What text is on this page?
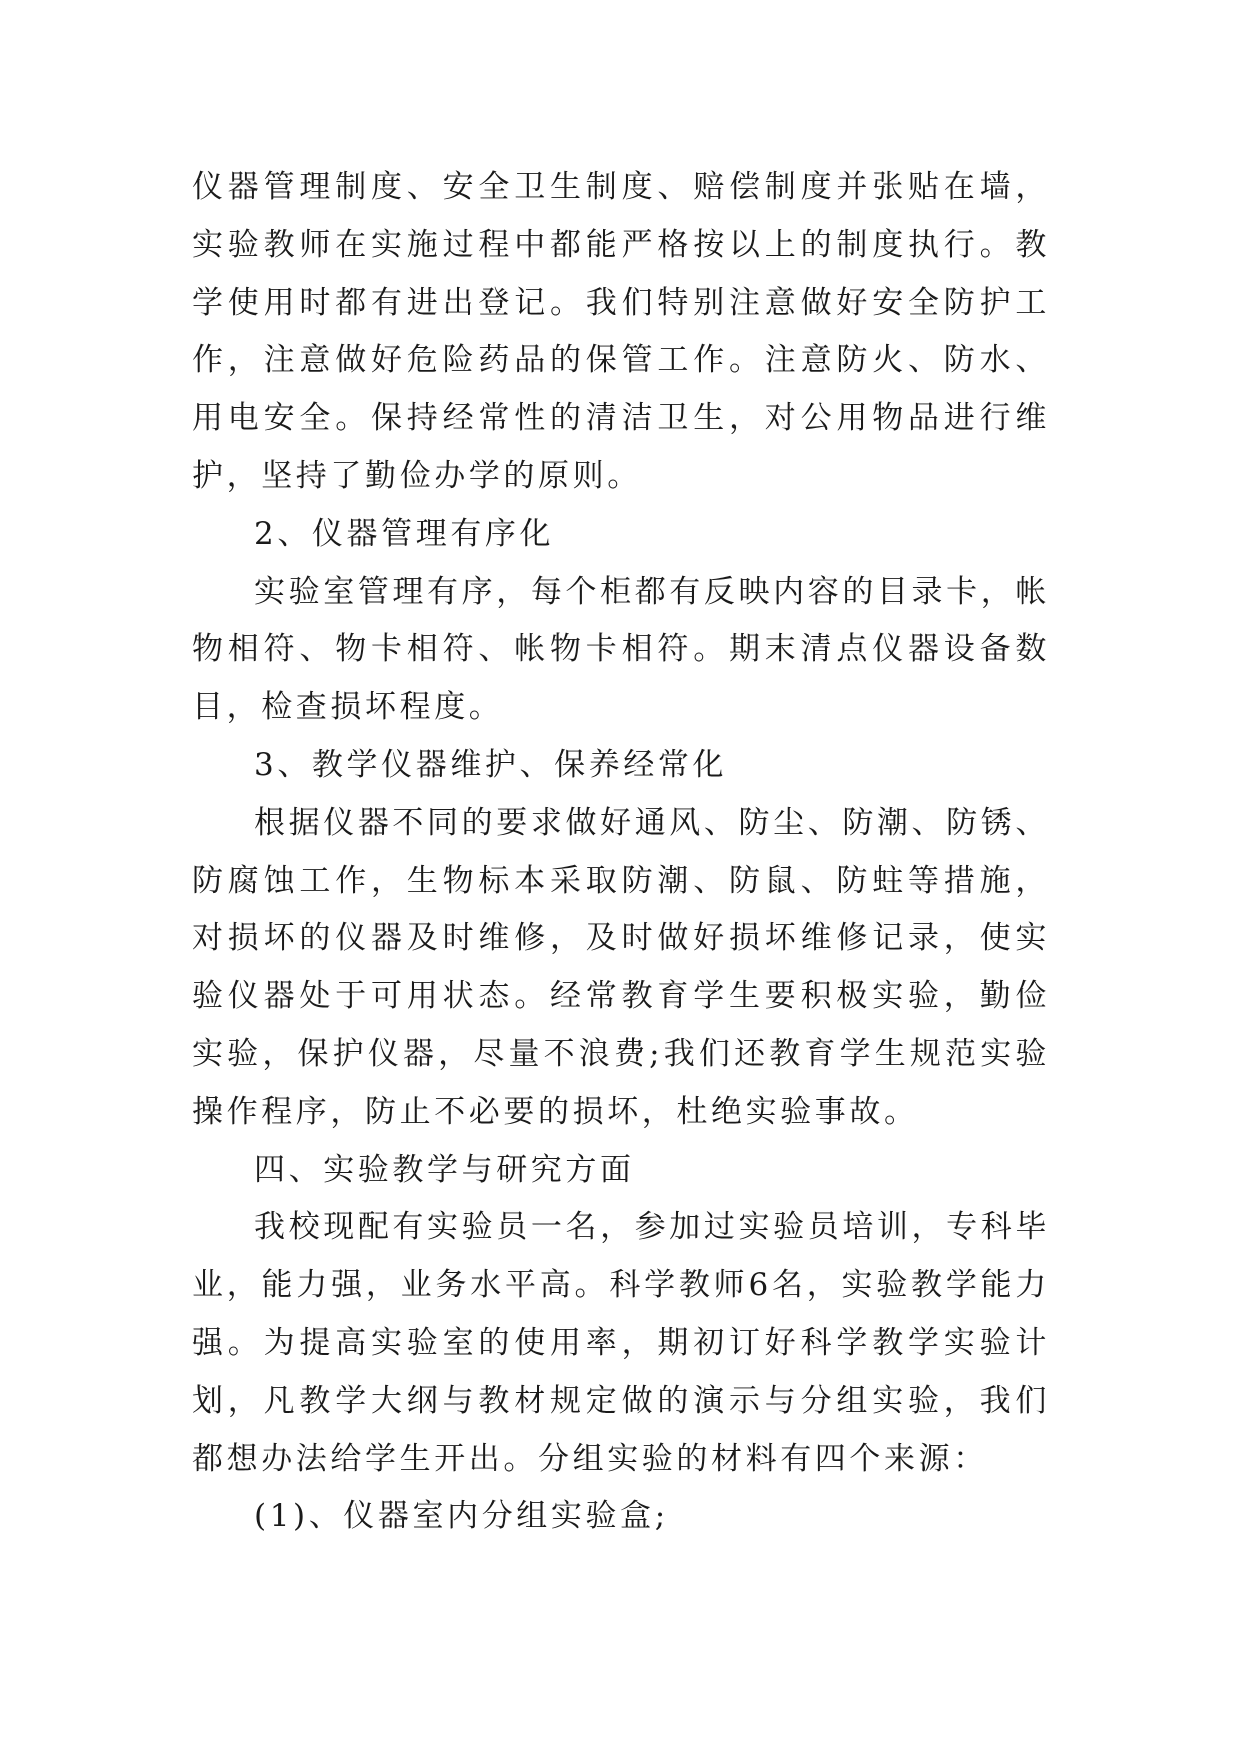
仪器管理制度、安全卫生制度、赔偿制度并张贴在墙，实验教师在实施过程中都能严格按以上的制度执行。教学使用时都有进出登记。我们特别注意做好安全防护工作，注意做好危险药品的保管工作。注意防火、防水、用电安全。保持经常性的清洁卫生，对公用物品进行维护，坚持了勤俭办学的原则。

2、仪器管理有序化

实验室管理有序，每个柜都有反映内容的目录卡，帐物相符、物卡相符、帐物卡相符。期末清点仪器设备数目，检查损坏程度。

3、教学仪器维护、保养经常化

根据仪器不同的要求做好通风、防尘、防潮、防锈、防腐蚀工作，生物标本采取防潮、防鼠、防蛀等措施，对损坏的仪器及时维修，及时做好损坏维修记录，使实验仪器处于可用状态。经常教育学生要积极实验，勤俭实验，保护仪器，尽量不浪费;我们还教育学生规范实验操作程序，防止不必要的损坏，杜绝实验事故。

四、实验教学与研究方面

我校现配有实验员一名，参加过实验员培训，专科毕业，能力强，业务水平高。科学教师6名，实验教学能力强。为提高实验室的使用率，期初订好科学教学实验计划，凡教学大纲与教材规定做的演示与分组实验，我们都想办法给学生开出。分组实验的材料有四个来源：

(1)、仪器室内分组实验盒;
